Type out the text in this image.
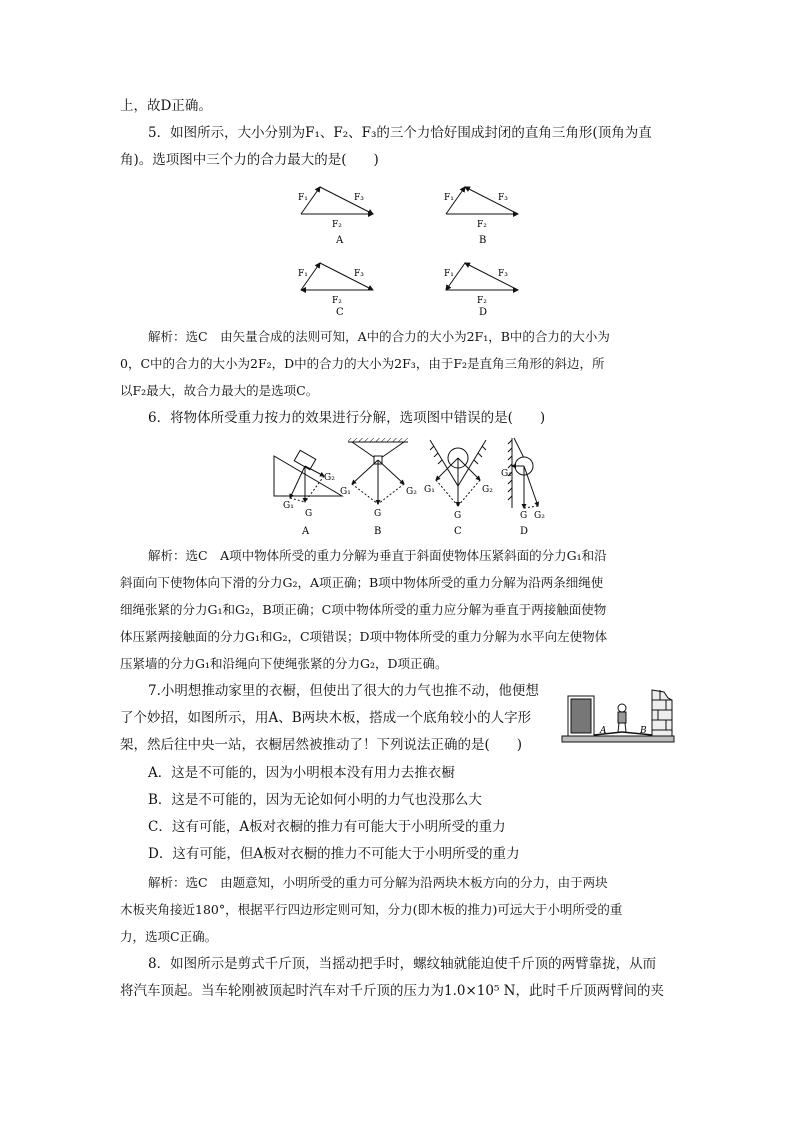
上，故D正确。

5．如图所示，大小分别为F₁、F₂、F₃的三个力恰好围成封闭的直角三角形(顶角为直

角)。选项图中三个力的合力最大的是(　　)

F₁	F₃
F₂
A
F₁	F₃
F₂
B
F₁	F₃
F₂
C
F₁	F₃
F₂
D

解析：选C　由矢量合成的法则可知，A中的合力的大小为2F₁，B中的合力的大小为

0，C中的合力的大小为2F₂，D中的合力的大小为2F₃，由于F₂是直角三角形的斜边，所

以F₂最大，故合力最大的是选项C。

6．将物体所受重力按力的效果进行分解，选项图中错误的是(　　)

G₂
G₁
G
A
G₁	G₂
G
B
G₁	G₂
G
C
G₁
G G₂
D

解析：选C　A项中物体所受的重力分解为垂直于斜面使物体压紧斜面的分力G₁和沿

斜面向下使物体向下滑的分力G₂，A项正确；B项中物体所受的重力分解为沿两条细绳使

细绳张紧的分力G₁和G₂，B项正确；C项中物体所受的重力应分解为垂直于两接触面使物

体压紧两接触面的分力G₁和G₂，C项错误；D项中物体所受的重力分解为水平向左使物体

压紧墙的分力G₁和沿绳向下使绳张紧的分力G₂，D项正确。

7.小明想推动家里的衣橱，但使出了很大的力气也推不动，他便想

了个妙招，如图所示，用A、B两块木板，搭成一个底角较小的人字形

架，然后往中央一站，衣橱居然被推动了！下列说法正确的是(　　)

A	B

A．这是不可能的，因为小明根本没有用力去推衣橱

B．这是不可能的，因为无论如何小明的力气也没那么大

C．这有可能，A板对衣橱的推力有可能大于小明所受的重力

D．这有可能，但A板对衣橱的推力不可能大于小明所受的重力

解析：选C　由题意知，小明所受的重力可分解为沿两块木板方向的分力，由于两块

木板夹角接近180°，根据平行四边形定则可知，分力(即木板的推力)可远大于小明所受的重

力，选项C正确。

8．如图所示是剪式千斤顶，当摇动把手时，螺纹轴就能迫使千斤顶的两臂靠拢，从而

将汽车顶起。当车轮刚被顶起时汽车对千斤顶的压力为1.0×10⁵ N，此时千斤顶两臂间的夹
